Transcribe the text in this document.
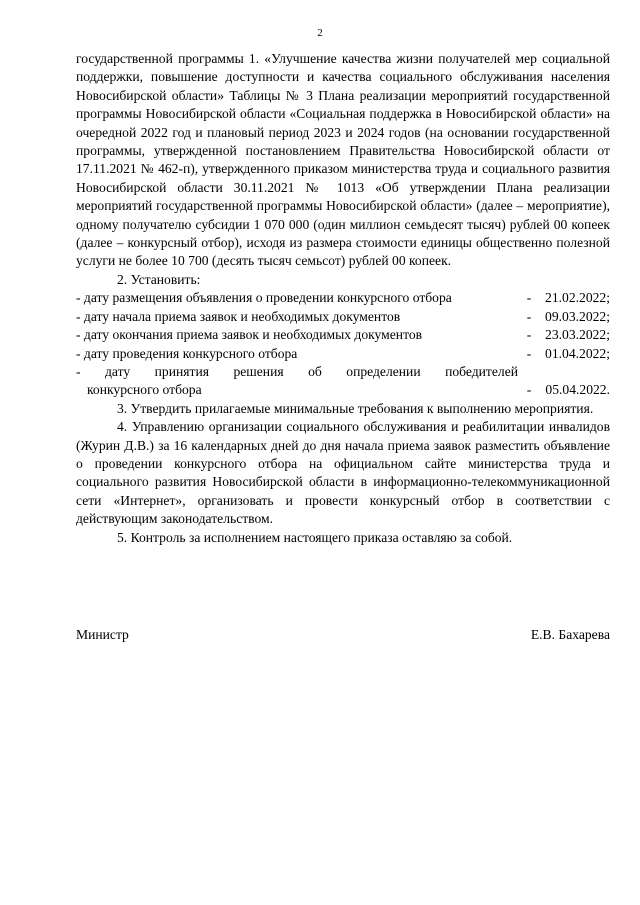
2

государственной программы 1. «Улучшение качества жизни получателей мер социальной поддержки, повышение доступности и качества социального обслуживания населения Новосибирской области» Таблицы № 3 Плана реализации мероприятий государственной программы Новосибирской области «Социальная поддержка в Новосибирской области» на очередной 2022 год и плановый период 2023 и 2024 годов (на основании государственной программы, утвержденной постановлением Правительства Новосибирской области от 17.11.2021 № 462-п), утвержденного приказом министерства труда и социального развития Новосибирской области 30.11.2021 № 1013 «Об утверждении Плана реализации мероприятий государственной программы Новосибирской области» (далее – мероприятие), одному получателю субсидии 1 070 000 (один миллион семьдесят тысяч) рублей 00 копеек (далее – конкурсный отбор), исходя из размера стоимости единицы общественно полезной услуги не более 10 700 (десять тысяч семьсот) рублей 00 копеек.

2. Установить:

- дату размещения объявления о проведении конкурсного отбора	-	21.02.2022;
- дату начала приема заявок и необходимых документов	-	09.03.2022;
- дату окончания приема заявок и необходимых документов	-	23.03.2022;
- дату проведения конкурсного отбора	-	01.04.2022;
- дату принятия решения об определении победителей
конкурсного отбора	-	05.04.2022.

3. Утвердить прилагаемые минимальные требования к выполнению мероприятия.

4. Управлению организации социального обслуживания и реабилитации инвалидов (Журин Д.В.) за 16 календарных дней до дня начала приема заявок разместить объявление о проведении конкурсного отбора на официальном сайте министерства труда и социального развития Новосибирской области в информационно-телекоммуникационной сети «Интернет», организовать и провести конкурсный отбор в соответствии с действующим законодательством.

5. Контроль за исполнением настоящего приказа оставляю за собой.

Министр	Е.В. Бахарева
